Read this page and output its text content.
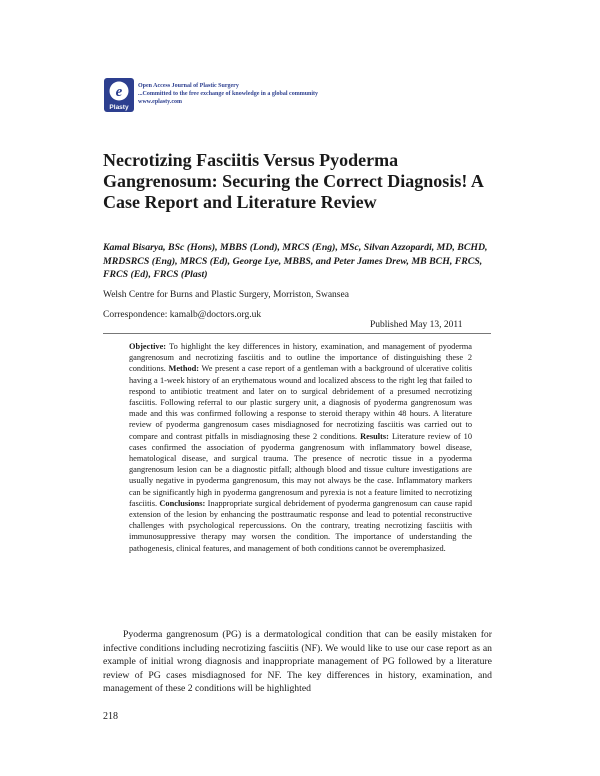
e
Plasty
Open Access Journal of Plastic Surgery
...Committed to the free exchange of knowledge in a global community
www.eplasty.com
Necrotizing Fasciitis Versus Pyoderma Gangrenosum: Securing the Correct Diagnosis! A Case Report and Literature Review
Kamal Bisarya, BSc (Hons), MBBS (Lond), MRCS (Eng), MSc, Silvan Azzopardi, MD, BCHD, MRDSRCS (Eng), MRCS (Ed), George Lye, MBBS, and Peter James Drew, MB BCH, FRCS, FRCS (Ed), FRCS (Plast)
Welsh Centre for Burns and Plastic Surgery, Morriston, Swansea
Correspondence: kamalb@doctors.org.uk
Published May 13, 2011

Objective: To highlight the key differences in history, examination, and management of pyoderma gangrenosum and necrotizing fasciitis and to outline the importance of distinguishing these 2 conditions. Method: We present a case report of a gentleman with a background of ulcerative colitis having a 1-week history of an erythematous wound and localized abscess to the right leg that failed to respond to antibiotic treatment and later on to surgical debridement of a presumed necrotizing fasciitis. Following referral to our plastic surgery unit, a diagnosis of pyoderma gangrenosum was made and this was confirmed following a response to steroid therapy within 48 hours. A literature review of pyoderma gangrenosum cases misdiagnosed for necrotizing fasciitis was carried out to compare and contrast pitfalls in misdiagnosing these 2 conditions. Results: Literature review of 10 cases confirmed the association of pyoderma gangrenosum with inflammatory bowel disease, hematological disease, and surgical trauma. The presence of necrotic tissue in a pyoderma gangrenosum lesion can be a diagnostic pitfall; although blood and tissue culture investigations are usually negative in pyoderma gangrenosum, this may not always be the case. Inflammatory markers can be significantly high in pyoderma gangrenosum and pyrexia is not a feature limited to necrotizing fasciitis. Conclusions: Inappropriate surgical debridement of pyoderma gangrenosum can cause rapid extension of the lesion by enhancing the posttraumatic response and lead to potential reconstructive challenges with psychological repercussions. On the contrary, treating necrotizing fasciitis with immunosuppressive therapy may worsen the condition. The importance of understanding the pathogenesis, clinical features, and management of both conditions cannot be overemphasized.

Pyoderma gangrenosum (PG) is a dermatological condition that can be easily mistaken for infective conditions including necrotizing fasciitis (NF). We would like to use our case report as an example of initial wrong diagnosis and inappropriate management of PG followed by a literature review of PG cases misdiagnosed for NF. The key differences in history, examination, and management of these 2 conditions will be highlighted

218
